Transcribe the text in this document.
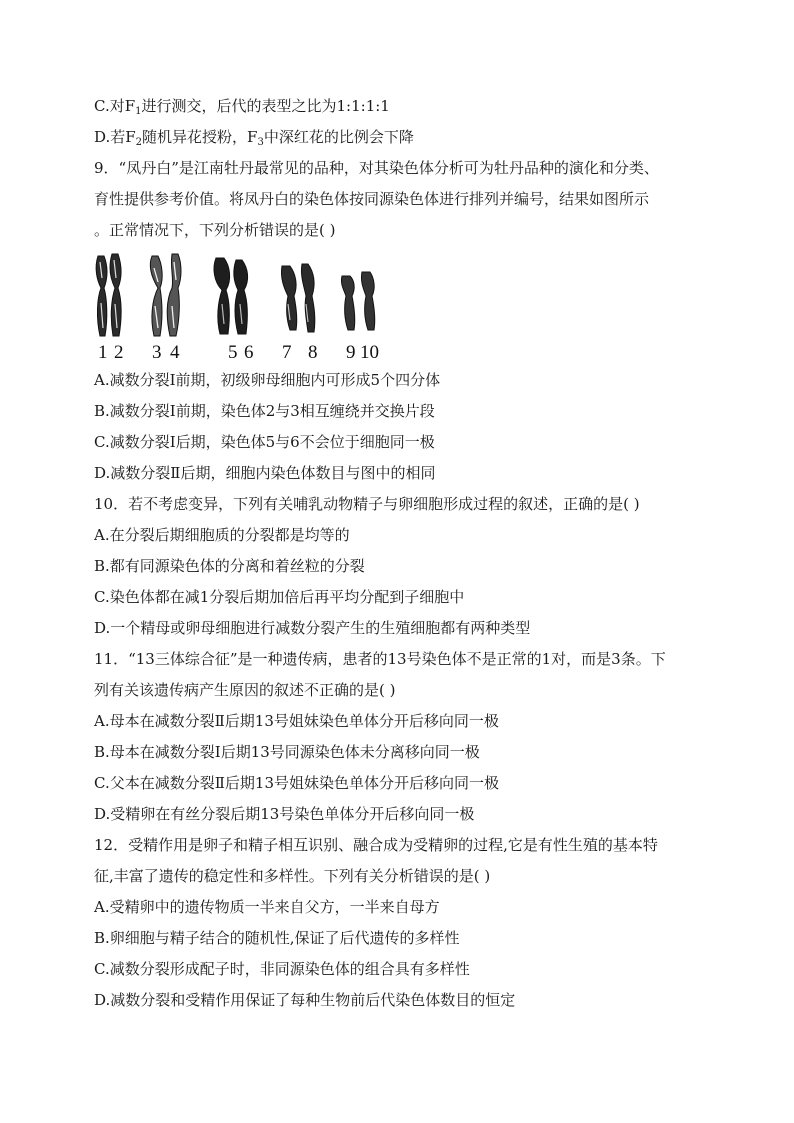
C.对$F_1$进行测交，后代的表型之比为1:1:1:1
D.若$F_2$随机异花授粉，$F_3$中深红花的比例会下降
9．“凤丹白”是江南牡丹最常见的品种，对其染色体分析可为牡丹品种的演化和分类、
育性提供参考价值。将凤丹白的染色体按同源染色体进行排列并编号，结果如图所示
。正常情况下，下列分析错误的是( )
1 2 3 4	5 6 7 8 9 10
A.减数分裂Ⅰ前期，初级卵母细胞内可形成5个四分体
B.减数分裂Ⅰ前期，染色体2与3相互缠绕并交换片段
C.减数分裂Ⅰ后期，染色体5与6不会位于细胞同一极
D.减数分裂Ⅱ后期，细胞内染色体数目与图中的相同
10．若不考虑变异，下列有关哺乳动物精子与卵细胞形成过程的叙述，正确的是( )
A.在分裂后期细胞质的分裂都是均等的
B.都有同源染色体的分离和着丝粒的分裂
C.染色体都在减1分裂后期加倍后再平均分配到子细胞中
D.一个精母或卵母细胞进行减数分裂产生的生殖细胞都有两种类型
11．“13三体综合征”是一种遗传病，患者的13号染色体不是正常的1对，而是3条。下
列有关该遗传病产生原因的叙述不正确的是( )
A.母本在减数分裂Ⅱ后期13号姐妹染色单体分开后移向同一极
B.母本在减数分裂Ⅰ后期13号同源染色体未分离移向同一极
C.父本在减数分裂Ⅱ后期13号姐妹染色单体分开后移向同一极
D.受精卵在有丝分裂后期13号染色单体分开后移向同一极
12．受精作用是卵子和精子相互识别、融合成为受精卵的过程,它是有性生殖的基本特
征,丰富了遗传的稳定性和多样性。下列有关分析错误的是( )
A.受精卵中的遗传物质一半来自父方，一半来自母方
B.卵细胞与精子结合的随机性,保证了后代遗传的多样性
C.减数分裂形成配子时，非同源染色体的组合具有多样性
D.减数分裂和受精作用保证了每种生物前后代染色体数目的恒定
